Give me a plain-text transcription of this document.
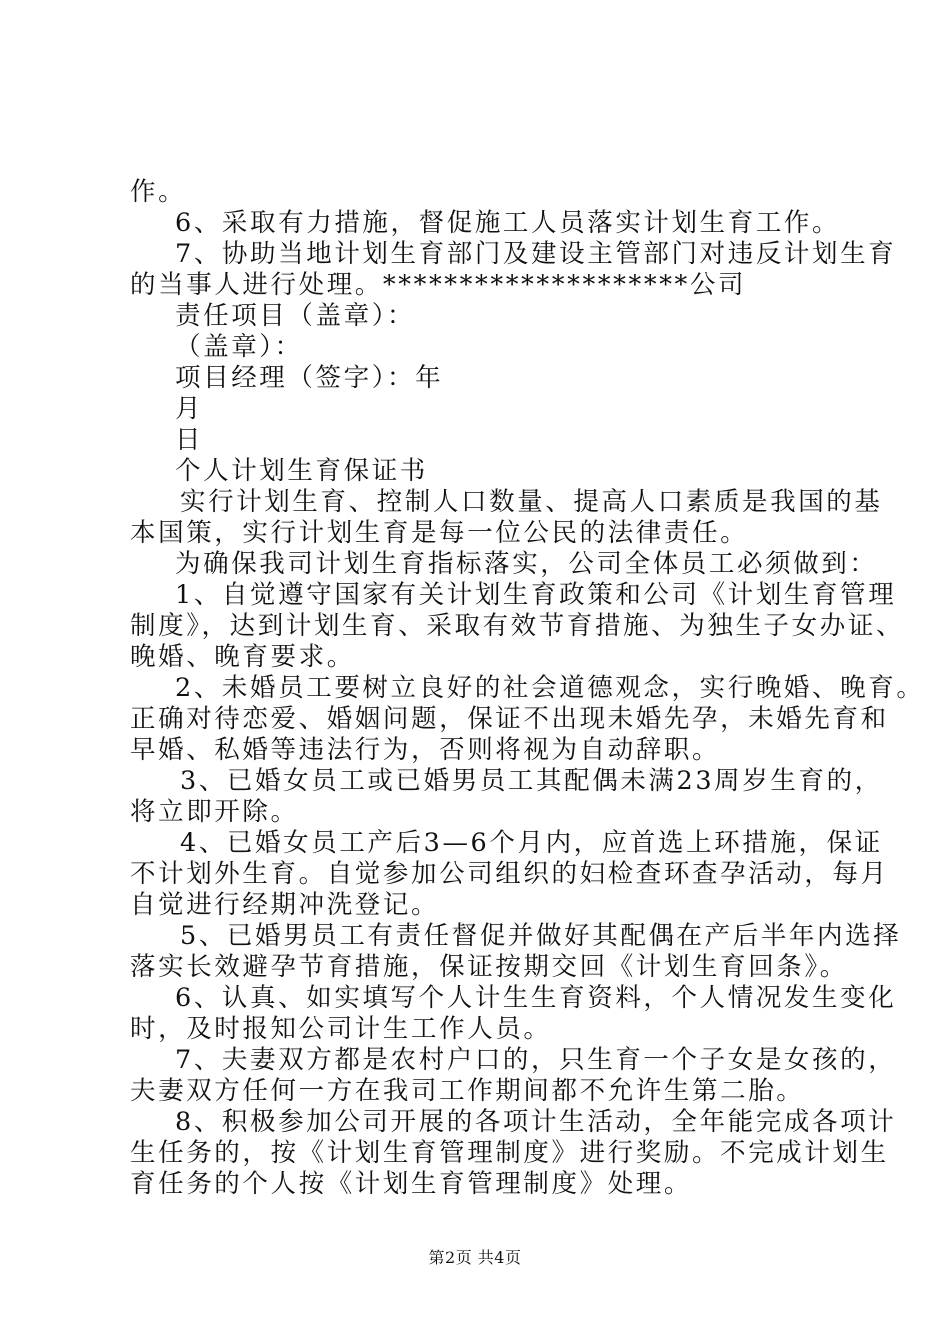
作。
6、采取有力措施，督促施工人员落实计划生育工作。
7、协助当地计划生育部门及建设主管部门对违反计划生育
的当事人进行处理。********************公司
责任项目（盖章）：
（盖章）：
项目经理（签字）：年
月
日
个人计划生育保证书
实行计划生育、控制人口数量、提高人口素质是我国的基
本国策，实行计划生育是每一位公民的法律责任。
为确保我司计划生育指标落实，公司全体员工必须做到：
1、自觉遵守国家有关计划生育政策和公司《计划生育管理
制度》，达到计划生育、采取有效节育措施、为独生子女办证、
晚婚、晚育要求。
2、未婚员工要树立良好的社会道德观念，实行晚婚、晚育。
正确对待恋爱、婚姻问题，保证不出现未婚先孕，未婚先育和
早婚、私婚等违法行为，否则将视为自动辞职。
3、已婚女员工或已婚男员工其配偶未满23周岁生育的，
将立即开除。
4、已婚女员工产后3—6个月内，应首选上环措施，保证
不计划外生育。自觉参加公司组织的妇检查环查孕活动，每月
自觉进行经期冲洗登记。
5、已婚男员工有责任督促并做好其配偶在产后半年内选择
落实长效避孕节育措施，保证按期交回《计划生育回条》。
6、认真、如实填写个人计生生育资料，个人情况发生变化
时，及时报知公司计生工作人员。
7、夫妻双方都是农村户口的，只生育一个子女是女孩的，
夫妻双方任何一方在我司工作期间都不允许生第二胎。
8、积极参加公司开展的各项计生活动，全年能完成各项计
生任务的，按《计划生育管理制度》进行奖励。不完成计划生
育任务的个人按《计划生育管理制度》处理。
第2页 共4页
